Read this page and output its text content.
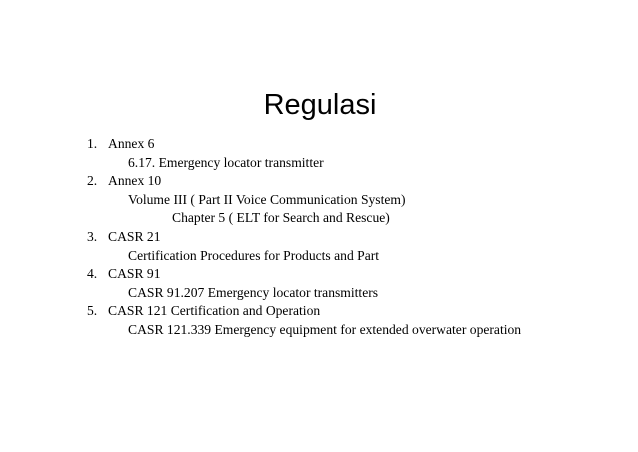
Regulasi
1. Annex 6
6.17. Emergency locator transmitter
2. Annex 10
Volume III ( Part II Voice Communication System)
Chapter 5 ( ELT for Search and Rescue)
3. CASR 21
Certification Procedures for Products and Part
4. CASR 91
CASR 91.207 Emergency locator transmitters
5. CASR 121 Certification and Operation
CASR 121.339 Emergency equipment for extended overwater operation
